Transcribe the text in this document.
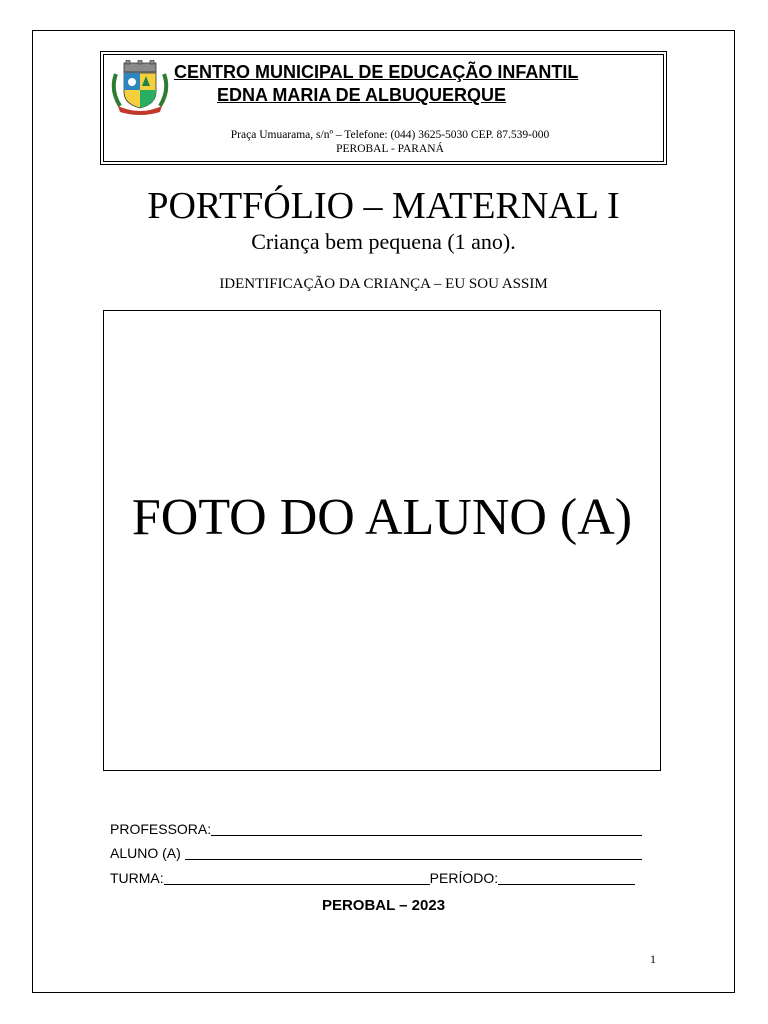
CENTRO MUNICIPAL DE EDUCAÇÃO INFANTIL
EDNA MARIA DE ALBUQUERQUE
Praça Umuarama, s/nº – Telefone: (044) 3625-5030 CEP. 87.539-000
PEROBAL - PARANÁ
PORTFÓLIO – MATERNAL I
Criança bem pequena (1 ano).
IDENTIFICAÇÃO DA CRIANÇA – EU SOU ASSIM
FOTO DO ALUNO (A)
PROFESSORA:
ALUNO (A)
TURMA:	PERÍODO:
PEROBAL – 2023
1
